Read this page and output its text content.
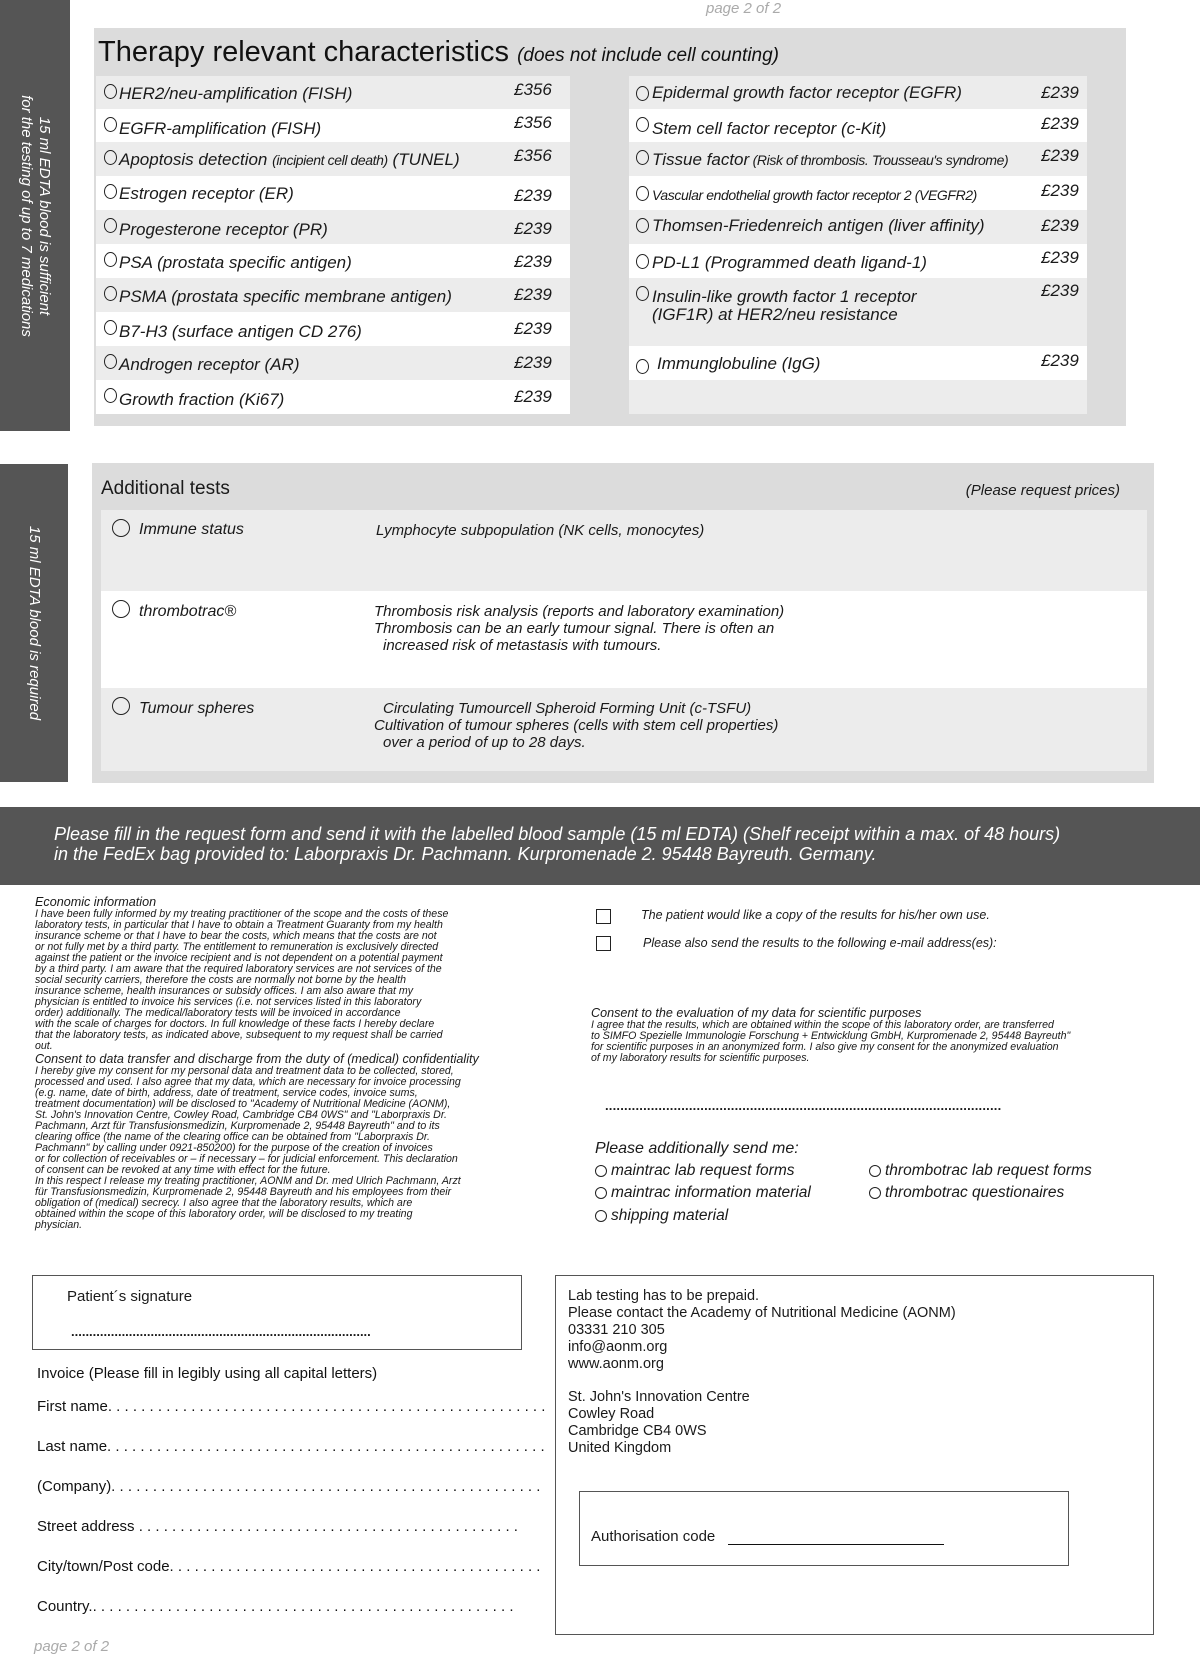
page 2 of 2
15 ml EDTA blood is sufficient
for the testing of up to 7 medications
Therapy relevant characteristics (does not include cell counting)
HER2/neu-amplification (FISH)	£356
EGFR-amplification (FISH)	£356
Apoptosis detection (incipient cell death) (TUNEL)	£356
Estrogen receptor (ER)	£239
Progesterone receptor (PR)	£239
PSA (prostata specific antigen)	£239
PSMA (prostata specific membrane antigen)	£239
B7-H3 (surface antigen CD 276)	£239
Androgen receptor (AR)	£239
Growth fraction (Ki67)	£239
Epidermal growth factor receptor (EGFR)	£239
Stem cell factor receptor (c-Kit)	£239
Tissue factor (Risk of thrombosis. Trousseau's syndrome) £239
Vascular endothelial growth factor receptor 2 (VEGFR2)	£239
Thomsen-Friedenreich antigen (liver affinity)	£239
PD-L1 (Programmed death ligand-1)	£239
Insulin-like growth factor 1 receptor
(IGF1R) at HER2/neu resistance
£239
Immunglobuline (IgG)	£239
15 ml EDTA blood is required
Additional tests	(Please request prices)
Immune status	Lymphocyte subpopulation (NK cells, monocytes)
thrombotrac®	Thrombosis risk analysis (reports and laboratory examination)
Thrombosis can be an early tumour signal. There is often an
increased risk of metastasis with tumours.
Tumour spheres	Circulating Tumourcell Spheroid Forming Unit (c-TSFU)
Cultivation of tumour spheres (cells with stem cell properties)
over a period of up to 28 days.
Please fill in the request form and send it with the labelled blood sample (15 ml EDTA) (Shelf receipt within a max. of 48 hours)
in the FedEx bag provided to: Laborpraxis Dr. Pachmann. Kurpromenade 2. 95448 Bayreuth. Germany.
Economic information
I have been fully informed by my treating practitioner of the scope and the costs of these
laboratory tests, in particular that I have to obtain a Treatment Guaranty from my health
insurance scheme or that I have to bear the costs, which means that the costs are not
or not fully met by a third party. The entitlement to remuneration is exclusively directed
against the patient or the invoice recipient and is not dependent on a potential payment
by a third party. I am aware that the required laboratory services are not services of the
social security carriers, therefore the costs are normally not borne by the health
insurance scheme, health insurances or subsidy offices. I am also aware that my
physician is entitled to invoice his services (i.e. not services listed in this laboratory
order) additionally. The medical/laboratory tests will be invoiced in accordance
with the scale of charges for doctors. In full knowledge of these facts I hereby declare
that the laboratory tests, as indicated above, subsequent to my request shall be carried
out.
Consent to data transfer and discharge from the duty of (medical) confidentiality
I hereby give my consent for my personal data and treatment data to be collected, stored,
processed and used. I also agree that my data, which are necessary for invoice processing
(e.g. name, date of birth, address, date of treatment, service codes, invoice sums,
treatment documentation) will be disclosed to "Academy of Nutritional Medicine (AONM),
St. John's Innovation Centre, Cowley Road, Cambridge CB4 0WS" and "Laborpraxis Dr.
Pachmann, Arzt für Transfusionsmedizin, Kurpromenade 2, 95448 Bayreuth" and to its
clearing office (the name of the clearing office can be obtained from "Laborpraxis Dr.
Pachmann" by calling under 0921-850200) for the purpose of the creation of invoices
or for collection of receivables or – if necessary – for judicial enforcement. This declaration
of consent can be revoked at any time with effect for the future.
In this respect I release my treating practitioner, AONM and Dr. med Ulrich Pachmann, Arzt
für Transfusionsmedizin, Kurpromenade 2, 95448 Bayreuth and his employees from their
obligation of (medical) secrecy. I also agree that the laboratory results, which are
obtained within the scope of this laboratory order, will be disclosed to my treating
physician.
The patient would like a copy of the results for his/her own use.
Please also send the results to the following e-mail address(es):
Consent to the evaluation of my data for scientific purposes
I agree that the results, which are obtained within the scope of this laboratory order, are transferred
to SIMFO Spezielle Immunologie Forschung + Entwicklung GmbH, Kurpromenade 2, 95448 Bayreuth"
for scientific purposes in an anonymized form. I also give my consent for the anonymized evaluation
of my laboratory results for scientific purposes.
........................................................................................................
Please additionally send me:
maintrac lab request forms
maintrac information material
shipping material
thrombotrac lab request forms
thrombotrac questionaires
Patient´s signature
...................................................................................
Invoice (Please fill in legibly using all capital letters)
First name. . . . . . . . . . . . . . . . . . . . . . . . . . . . . . . . . . . . . . . . . . . . . . . . . . . . .
Last name. . . . . . . . . . . . . . . . . . . . . . . . . . . . . . . . . . . . . . . . . . . . . . . . . . . . .
(Company). . . . . . . . . . . . . . . . . . . . . . . . . . . . . . . . . . . . . . . . . . . . . . . . . . . .
Street address . . . . . . . . . . . . . . . . . . . . . . . . . . . . . . . . . . . . . . . . . . . . . .
City/town/Post code. . . . . . . . . . . . . . . . . . . . . . . . . . . . . . . . . . . . . . . . . . . . .
Country.. . . . . . . . . . . . . . . . . . . . . . . . . . . . . . . . . . . . . . . . . . . . . . . . . . .
Lab testing has to be prepaid.
Please contact the Academy of Nutritional Medicine (AONM)
03331 210 305
info@aonm.org
www.aonm.org
St. John's Innovation Centre
Cowley Road
Cambridge CB4 0WS
United Kingdom
Authorisation code
page 2 of 2
